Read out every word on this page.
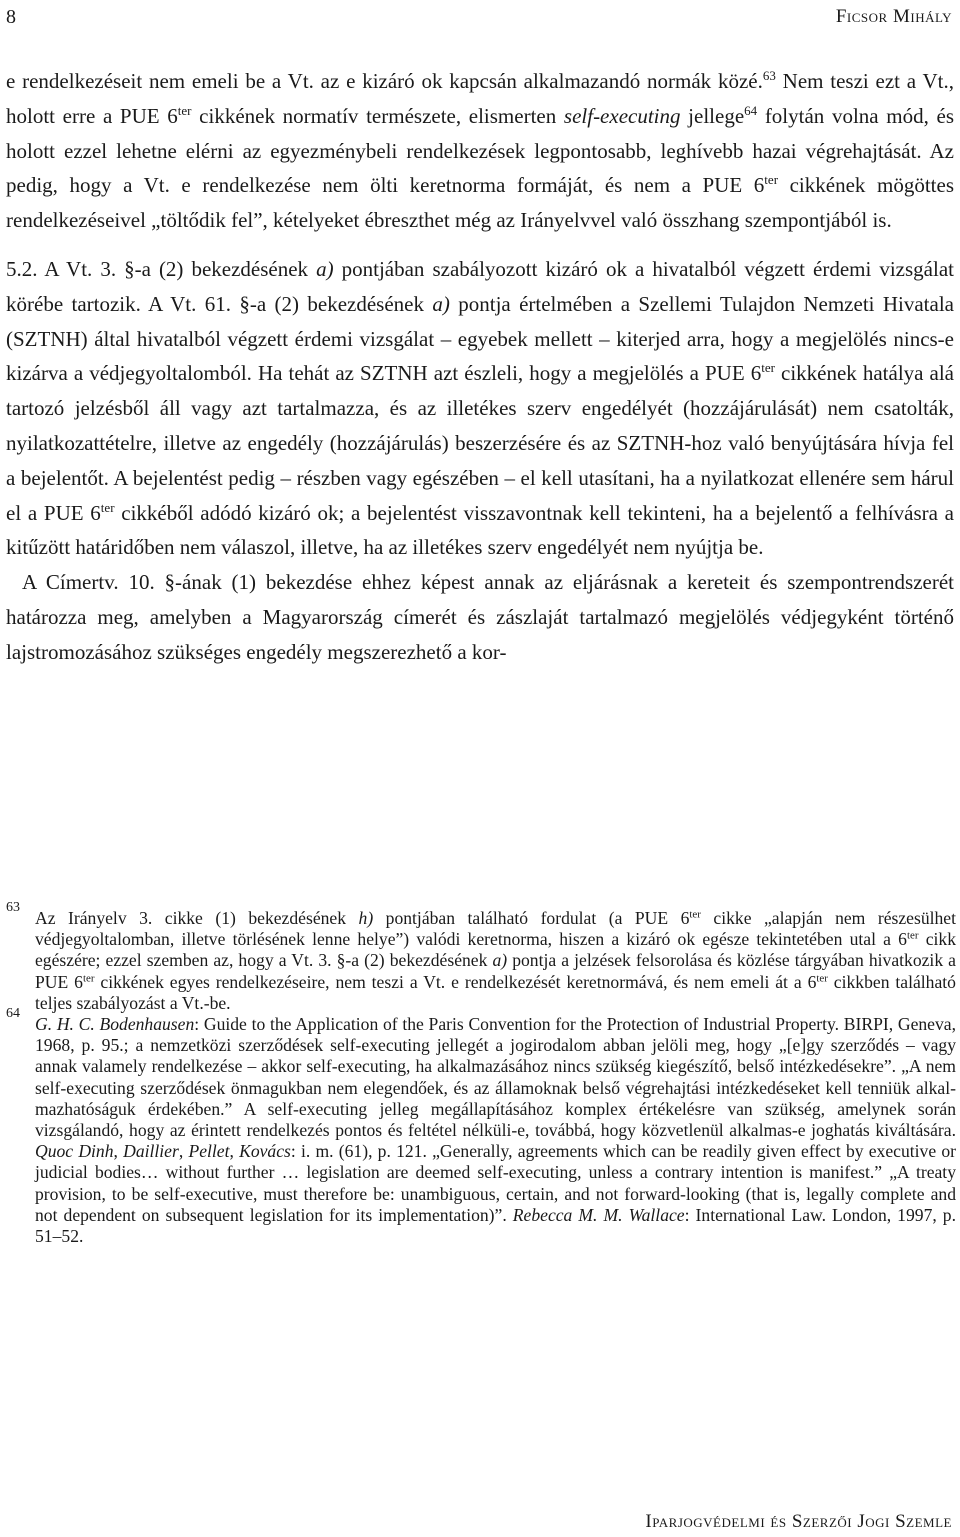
8	Ficsor Mihály

e rendelkezéseit nem emeli be a Vt. az e kizáró ok kapcsán alkalmazandó normák közé.$^{63}$ Nem teszi ezt a Vt., holott erre a PUE $6^{ter}$ cikkének normatív természete, elismerten self-executing jellege$^{64}$ folytán volna mód, és holott ezzel lehetne elérni az egyezménybeli rendelkezések legpontosabb, leghívebb hazai végrehajtását. Az pedig, hogy a Vt. e rendelkezése nem ölti keretnorma formáját, és nem a PUE $6^{ter}$ cikkének mögöttes rendelkezéseivel „töltődik fel”, kételyeket ébreszthet még az Irányelvvel való összhang szempontjából is.

5.2. A Vt. 3. §-a (2) bekezdésének a) pontjában szabályozott kizáró ok a hivatalból végzett érdemi vizsgálat körébe tartozik. A Vt. 61. §-a (2) bekezdésének a) pontja értelmében a Szellemi Tulajdon Nemzeti Hivatala (SZTNH) által hivatalból végzett érdemi vizsgálat – egyebek mellett – kiterjed arra, hogy a megjelölés nincs-e kizárva a védjegyoltalomból. Ha tehát az SZTNH azt észleli, hogy a megjelölés a PUE $6^{ter}$ cikkének hatálya alá tartozó jelzésből áll vagy azt tartalmazza, és az illetékes szerv engedélyét (hozzájárulását) nem csatolták, nyilatkozattételre, illetve az engedély (hozzájárulás) beszerzésére és az SZTNH-hoz való benyújtására hívja fel a bejelentőt. A bejelentést pedig – részben vagy egészében – el kell utasítani, ha a nyilatkozat ellenére sem hárul el a PUE $6^{ter}$ cikkéből adódó kizáró ok; a bejelentést visszavontnak kell tekinteni, ha a bejelentő a felhívásra a kitűzött határidőben nem válaszol, illetve, ha az illetékes szerv engedélyét nem nyújtja be.

A Címertv. 10. §-ának (1) bekezdése ehhez képest annak az eljárásnak a kereteit és szempontrendszerét határozza meg, amelyben a Magyarország címerét és zászlaját tartalmazó megjelölés védjegyként történő lajstromozásához szükséges engedély megszerezhető a kor-

63
Az Irányelv 3. cikke (1) bekezdésének h) pontjában található fordulat (a PUE $6^{ter}$ cikke „alapján nem részesülhet védjegyoltalomban, illetve törlésének lenne helye”) valódi keretnorma, hiszen a kizáró ok egésze tekintetében utal a $6^{ter}$ cikk egészére; ezzel szemben az, hogy a Vt. 3. §-a (2) bekezdésének a) pontja a jelzések felsorolása és közlése tárgyában hivatkozik a PUE $6^{ter}$ cikkének egyes rendelkezéseire, nem teszi a Vt. e rendelkezését keretnormává, és nem emeli át a $6^{ter}$ cikkben található teljes szabályozást a Vt.-be.

64
G. H. C. Bodenhausen: Guide to the Application of the Paris Convention for the Protection of Industrial Property. BIRPI, Geneva, 1968, p. 95.; a nemzetközi szerződések self-executing jellegét a jogirodalom abban jelöli meg, hogy „[e]gy szerződés – vagy annak valamely rendelkezése – akkor self-executing, ha alkalmazásához nincs szükség kiegészítő, belső intézkedésekre”. „A nem self-executing szerződések önmagukban nem elegendőek, és az államoknak belső végrehajtási intézkedéseket kell tenniük alkalmazhatóságuk érdekében.” A self-executing jelleg megállapításához komplex értékelésre van szükség, amelynek során vizsgálandó, hogy az érintett rendelkezés pontos és feltétel nélküli-e, továbbá, hogy közvetlenül alkalmas-e joghatás kiváltására. Quoc Dinh, Daillier, Pellet, Kovács: i. m. (61), p. 121. „Generally, agreements which can be readily given effect by executive or judicial bodies… without further … legislation are deemed self-executing, unless a contrary intention is manifest.” „A treaty provision, to be self-executive, must therefore be: unambiguous, certain, and not forward-looking (that is, legally complete and not dependent on subsequent legislation for its implementation)”. Rebecca M. M. Wallace: International Law. London, 1997, p. 51–52.

Iparjogvédelmi és Szerzői Jogi Szemle
